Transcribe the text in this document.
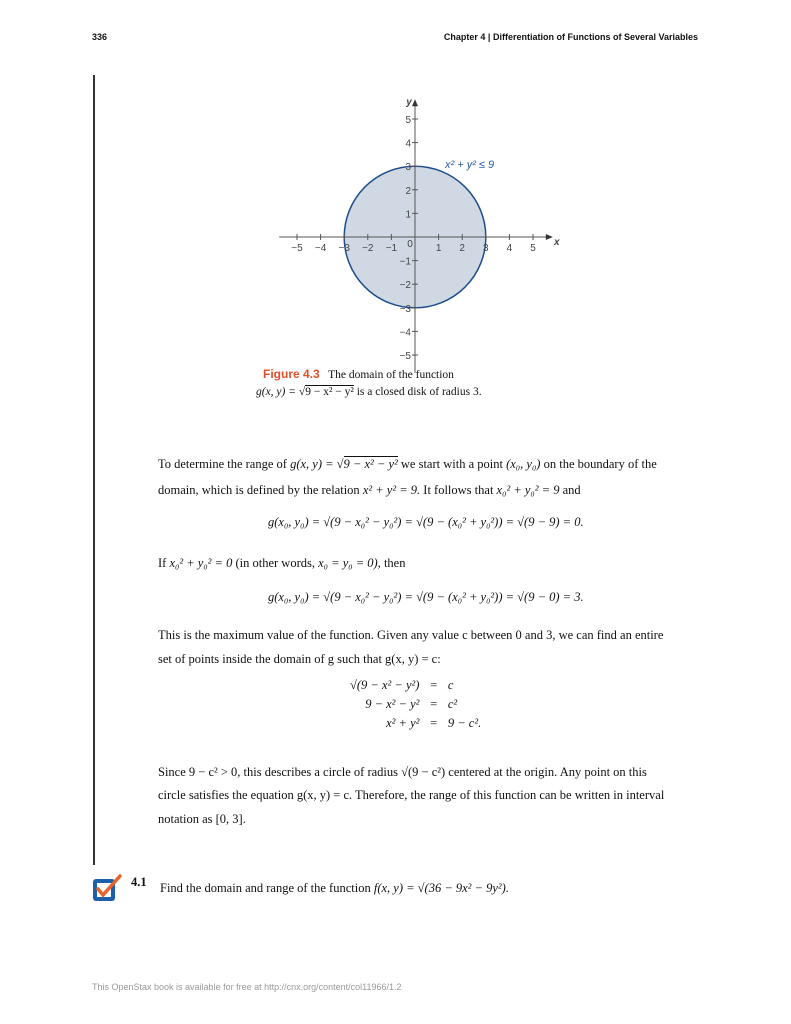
336	Chapter 4 | Differentiation of Functions of Several Variables
−5 −4 −3 −2 −1	1 2 3 4 5
−5
−4
−3
−2
−1
1
2
3
4
5
0	x
y
x² + y² ≤ 9
Figure 4.3 The domain of the function
g(x, y) = √9 − x² − y² is a closed disk of radius 3.
To determine the range of g(x, y) = √9 − x² − y² we start with a point (x₀, y₀) on the boundary of the
domain, which is defined by the relation x² + y² = 9. It follows that x₀² + y₀² = 9 and
g(x₀, y₀) = √(9 − x₀² − y₀²) = √(9 − (x₀² + y₀²)) = √(9 − 9) = 0.
If x₀² + y₀² = 0 (in other words, x₀ = y₀ = 0), then
g(x₀, y₀) = √(9 − x₀² − y₀²) = √(9 − (x₀² + y₀²)) = √(9 − 0) = 3.
This is the maximum value of the function. Given any value c between 0 and 3, we can find an entire
set of points inside the domain of g such that g(x, y) = c:
√(9 − x² − y²)	=	c
9 − x² − y²	=	c²
x² + y²	=	9 − c².
Since 9 − c² > 0, this describes a circle of radius √(9 − c²) centered at the origin. Any point on this
circle satisfies the equation g(x, y) = c. Therefore, the range of this function can be written in interval
notation as [0, 3].
4.1 Find the domain and range of the function f(x, y) = √(36 − 9x² − 9y²).
This OpenStax book is available for free at http://cnx.org/content/col11966/1.2
